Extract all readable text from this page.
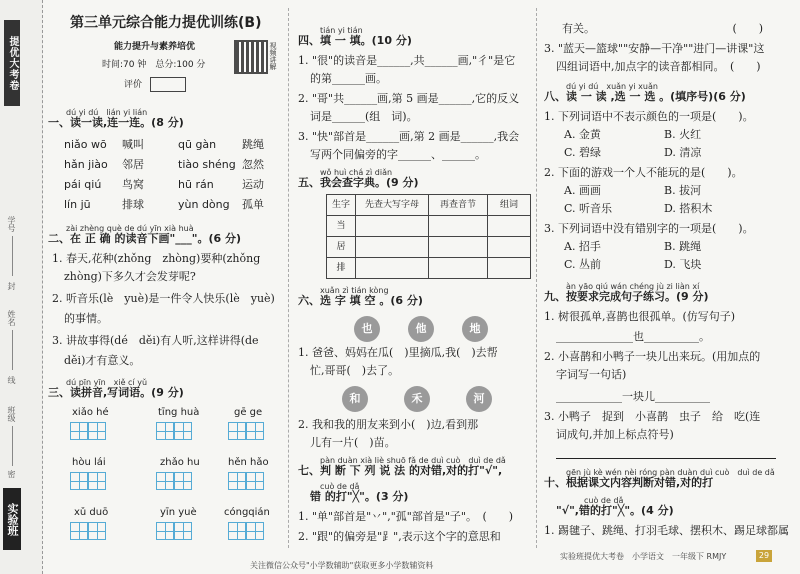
提优大考卷
学号
封
姓名
线
班级
密
实验班
第三单元综合能力提优训练(B)
能力提升与素养培优	视频讲解
时间:70 钟　总分:100 分
评价
dú yi dú　lián yi lián
一、读一读,连一连。(8 分)
niǎo wō 喊叫	qū gàn 跳绳
hǎn jiào 邻居	tiào shéng 忽然
pái qiú 鸟窝	hū rán	运动
lín jū	排球	yùn dòng 孤单
zài zhèng què de dú yīn xià huà
二、在 正 确 的读音下画"___"。(6 分)
1. 春天,花种(zhǒng　zhòng)要种(zhǒng
zhòng)下多久才会发芽呢?
2. 听音乐(lè　yuè)是一件令人快乐(lè　yuè)
的事情。
3. 讲故事得(dé　děi)有人听,这样讲得(de
děi)才有意义。
dú pīn yīn　xiě cí yǔ
三、读拼音,写词语。(9 分)
xiǎo hé	tīng huà	gē ge
hòu lái	zhǎo hu	hěn hǎo
xǔ duō	yīn yuè	cóngqián
tián yi tián
四、填 一 填。(10 分)
1. "很"的读音是______,共______画,"彳"是它
的第______画。
2. "哥"共______画,第 5 画是______,它的反义
词是______(组　词)。
3. "快"部首是______画,第 2 画是______,我会
写两个同偏旁的字______、______。
wǒ huì chá zì diǎn
五、我会查字典。(9 分)
生字	先查大写字母	再查音节	组词
当			
居			
排			
xuǎn zì tián kòng
六、选 字 填 空 。(6 分)
也	他	地
1. 爸爸、妈妈在瓜(　)里摘瓜,我(　)去帮
忙,哥哥(　)去了。
和	禾	河
2. 我和我的朋友来到小(　)边,看到那
儿有一片(　)苗。
pàn duàn xià liè shuō fǎ de duì cuò　duì de dǎ
七、判 断 下 列 说 法 的对错,对的打"√",
cuò de dǎ
错 的打"╳"。(3 分)
1. "单"部首是"丷","孤"部首是"子"。　(　　)
2. "跟"的偏旁是"⻊",表示这个字的意思和
有关。　　　　　　　　　　　　　(　　)
3. "蓝天—篮球""安静—干净""进门—讲课"这
四组词语中,加点字的读音都相同。　(　　)
dú yi dú　xuǎn yi xuǎn
八、读 一 读 ,选 一 选 。(填序号)(6 分)
1. 下列词语中不表示颜色的一项是(　　)。
A. 金黄	B. 火红
C. 碧绿	D. 清凉
2. 下面的游戏一个人不能玩的是(　　)。
A. 画画	B. 拔河
C. 听音乐	D. 搭积木
3. 下列词语中没有错别字的一项是(　　)。
A. 招手	B. 跳绳
C. 丛前	D. 飞块
àn yāo qiú wán chéng jù zi liàn xí
九、按要求完成句子练习。(9 分)
1. 树很孤单,喜鹊也很孤单。(仿写句子)
______________也__________。
2. 小喜鹊和小鸭子一块儿出来玩。(用加点的
字词写一句话)
____________一块儿__________
3. 小鸭子　捉到　小喜鹊　虫子　给　吃(连
词成句,并加上标点符号)
gēn jù kè wén nèi róng pàn duàn duì cuò　duì de dǎ
十、根据课文内容判断对错,对的打
cuò de dǎ
"√",错的打"╳"。(4 分)
1. 踢毽子、跳绳、打羽毛球、摆积木、踢足球都属
关注微信公众号"小学数辅助"获取更多小学数辅资料
实验班提优大考卷　小学语文　一年级下 RMJY	29
